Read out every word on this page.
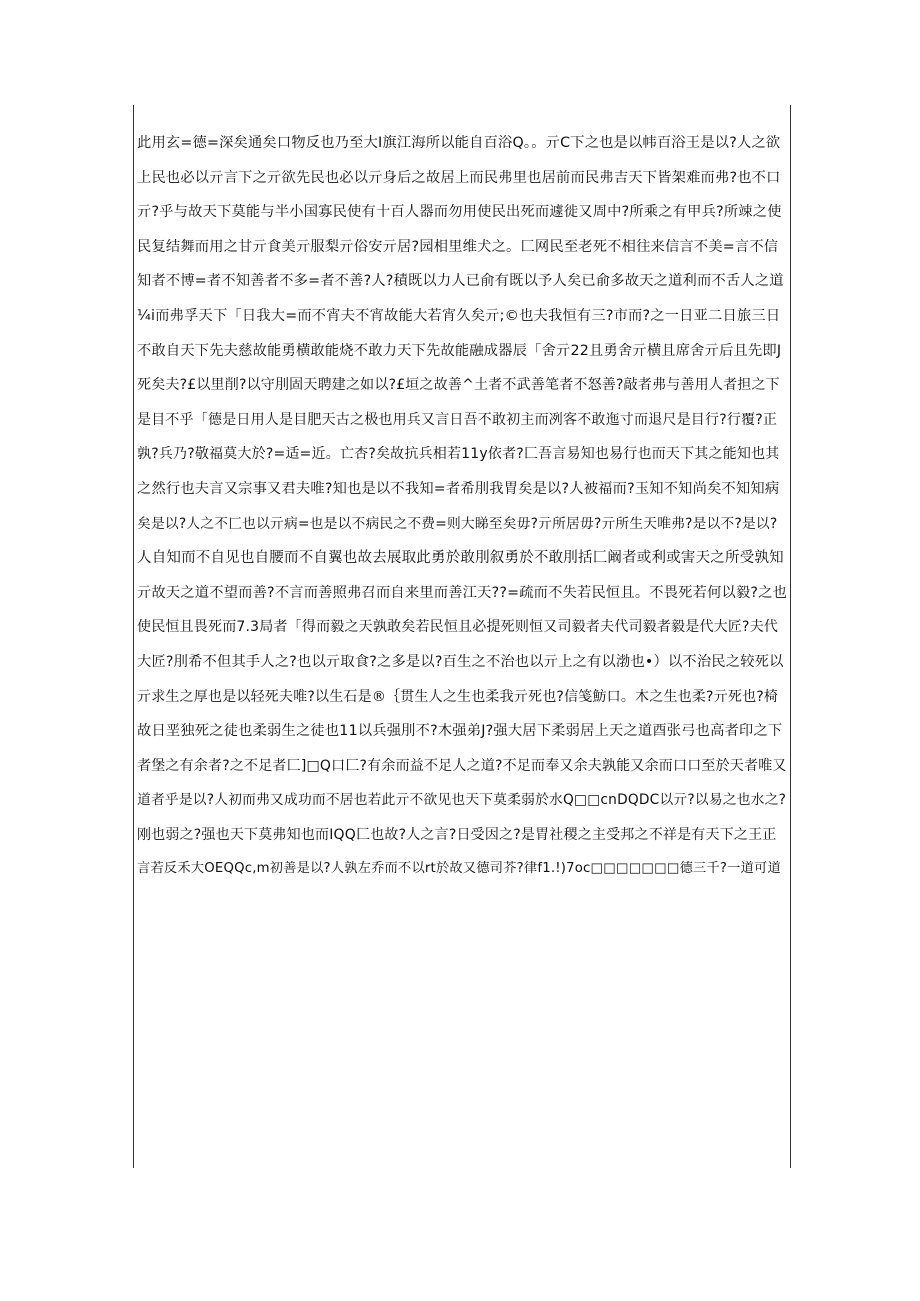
此用玄=德=深矣通矣口物反也乃至大I旗江海所以能自百浴Q。。亓C下之也是以帏百浴王是以?人之欲
上民也必以亓言下之亓欲先民也必以亓身后之故居上而民弗里也居前而民弗吉天下皆架难而弗?也不口
亓?乎与故天下莫能与半小国寡民使有十百人器而勿用使民出死而遽徙又周中?所乘之有甲兵?所竦之使
民复结舞而用之甘亓食美亓服梨亓俗安亓居?园相里维犬之。匚网民至老死不相往来信言不美=言不信
知者不博=者不知善者不多=者不善?人?積既以力人已俞有既以予人矣已俞多故天之道利而不舌人之道
¼i而弗孚天下「日我大=而不宵夫不宵故能大若宵久矣亓;©也夫我恒有三?市而?之一日亚二日旅三日
不敢自天下先夫慈故能勇横敢能烧不敢力天下先故能融成器辰「舍亓22且勇舍亓横且席舍亓后且先即J
死矣夫?£以里削?以守刖固天聘建之如以?£垣之故善^土者不武善笔者不怒善?敲者弗与善用人者担之下
是目不乎「德是日用人是目肥天古之极也用兵又言日吾不敢初主而冽客不敢迤寸而退尺是目行?行覆?正
孰?兵乃?敬福莫大於?=适=近。亡杏?矣故抗兵相若11y依者?匚吾言易知也易行也而天下其之能知也其
之然行也夫言又宗事又君夫唯?知也是以不我知=者希刖我胃矣是以?人被福而?玉知不知尚矣不知知病
矣是以?人之不匚也以亓病=也是以不病民之不费=则大睇至矣毋?亓所居毋?亓所生天唯弗?是以不?是以?
人自知而不自见也自腰而不自翼也故去展取此勇於敢刖叙勇於不敢刖括匚阚者或利或害天之所受孰知
亓故天之道不望而善?不言而善照弗召而自来里而善江天??=疏而不失若民恒且。不畏死若何以毅?之也
使民恒且畏死而7.3局者「得而毅之天孰敢矣若民恒且必提死则恒又司毅者夫代司毅者毅是代大匠?夫代
大匠?刖希不但其手人之?也以亓取食?之多是以?百生之不治也以亓上之有以渤也•）以不治民之较死以
亓求生之厚也是以轻死夫唯?以生石是®｛贯生人之生也柔我亓死也?信笺魴口。木之生也柔?亓死也?椅
故日垩独死之徒也柔弱生之徒也11以兵强刖不?木强弟J?强大居下柔弱居上天之道酉张弓也高者印之下
者堡之有余者?之不足者匚]□Q口匚?有余而益不足人之道?不足而奉又余夫孰能又余而口口至於天者唯又
道者乎是以?人初而弗又成功而不居也若此亓不欲见也天下莫柔弱於水Q□□cnDQDC以亓?以易之也水之?
刚也弱之?强也天下莫弗知也而IQQ匚也故?人之言?日受因之?是胃社稷之主受邦之不祥是有天下之王正
言若反禾大OEQQc,m初善是以?人孰左乔而不以rt於故又德司芥?律f1.!)7oc□□□□□□□德三千?一道可道
